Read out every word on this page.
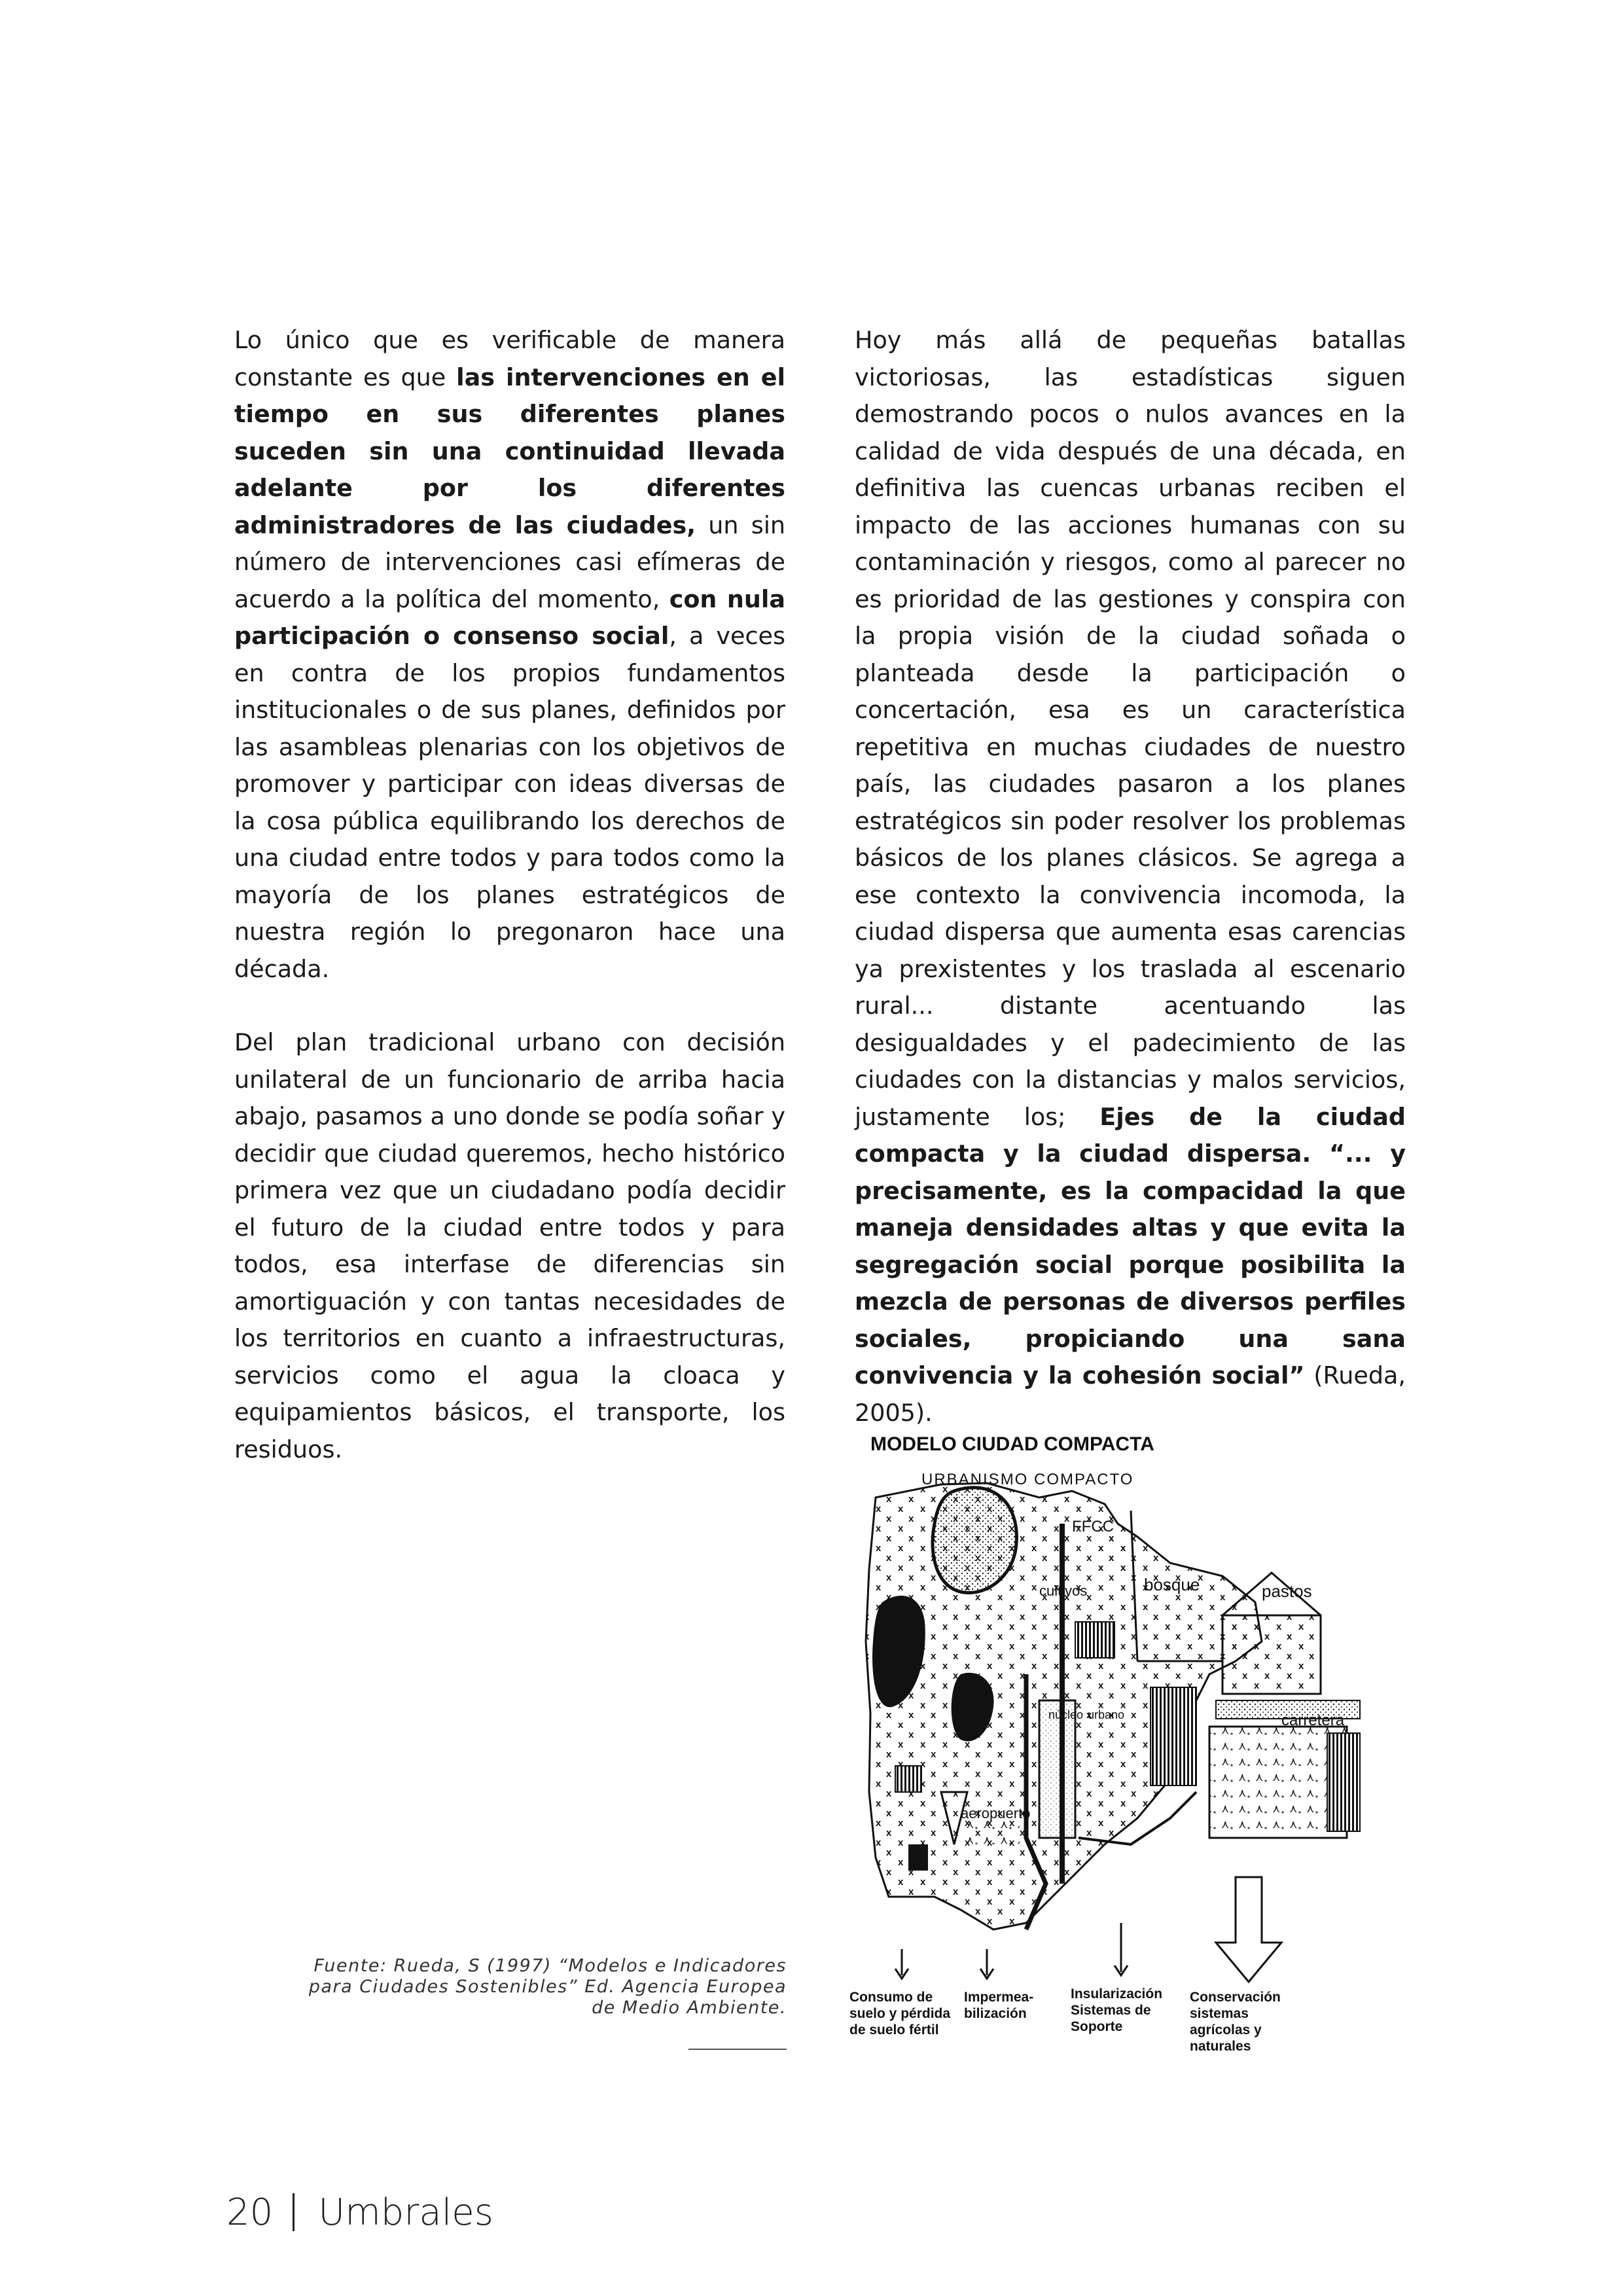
Lo único que es verificable de manera constante es que las intervenciones en el tiempo en sus diferentes planes suceden sin una continuidad llevada adelante por los diferentes administradores de las ciudades, un sin número de intervenciones casi efímeras de acuerdo a la política del momento, con nula participación o consenso social, a veces en contra de los propios fundamentos institucionales o de sus planes, definidos por las asambleas plenarias con los objetivos de promover y participar con ideas diversas de la cosa pública equilibrando los derechos de una ciudad entre todos y para todos como la mayoría de los planes estratégicos de nuestra región lo pregonaron hace una década.

Del plan tradicional urbano con decisión unilateral de un funcionario de arriba hacia abajo, pasamos a uno donde se podía soñar y decidir que ciudad queremos, hecho histórico primera vez que un ciudadano podía decidir el futuro de la ciudad entre todos y para todos, esa interfase de diferencias sin amortiguación y con tantas necesidades de los territorios en cuanto a infraestructuras, servicios como el agua la cloaca y equipamientos básicos, el transporte, los residuos.

Hoy más allá de pequeñas batallas victoriosas, las estadísticas siguen demostrando pocos o nulos avances en la calidad de vida después de una década, en definitiva las cuencas urbanas reciben el impacto de las acciones humanas con su contaminación y riesgos, como al parecer no es prioridad de las gestiones y conspira con la propia visión de la ciudad soñada o planteada desde la participación o concertación, esa es un característica repetitiva en muchas ciudades de nuestro país, las ciudades pasaron a los planes estratégicos sin poder resolver los problemas básicos de los planes clásicos. Se agrega a ese contexto la convivencia incomoda, la ciudad dispersa que aumenta esas carencias ya prexistentes y los traslada al escenario rural... distante acentuando las desigualdades y el padecimiento de las ciudades con la distancias y malos servicios, justamente los; Ejes de la ciudad compacta y la ciudad dispersa. “... y precisamente, es la compacidad la que maneja densidades altas y que evita la segregación social porque posibilita la mezcla de personas de diversos perfiles sociales, propiciando una sana convivencia y la cohesión social” (Rueda, 2005).

MODELO CIUDAD COMPACTA
URBANISMO COMPACTO
FFCC
cultivos	bosque	pastos
núcleo urbano	carretera
aeropuerto
Consumo de suelo y pérdida de suelo fértil
Impermea- bilización
Insularización Sistemas de Soporte
Conservación sistemas agrícolas y naturales
Fuente: Rueda, S (1997) “Modelos e Indicadores
para Ciudades Sostenibles” Ed. Agencia Europea
de Medio Ambiente.
20 Umbrales
